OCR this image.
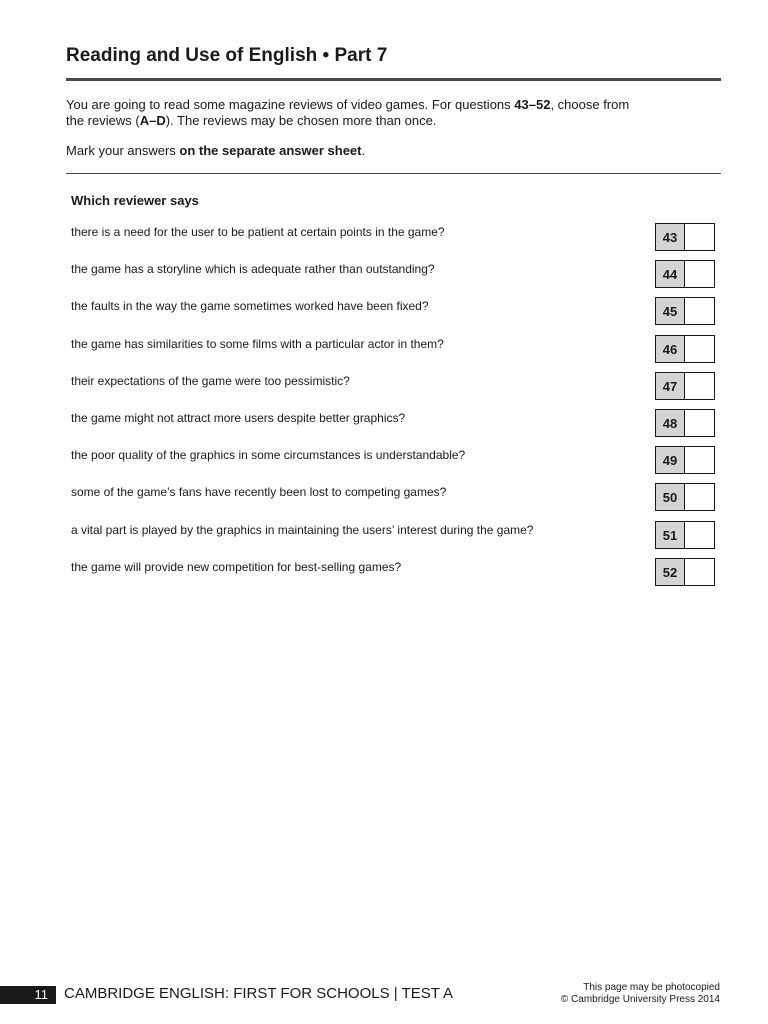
Reading and Use of English • Part 7

You are going to read some magazine reviews of video games. For questions 43–52, choose from
the reviews (A–D). The reviews may be chosen more than once.

Mark your answers on the separate answer sheet.

Which reviewer says
there is a need for the user to be patient at certain points in the game?	43
the game has a storyline which is adequate rather than outstanding?	44
the faults in the way the game sometimes worked have been fixed?	45
the game has similarities to some films with a particular actor in them?	46
their expectations of the game were too pessimistic?	47
the game might not attract more users despite better graphics?	48
the poor quality of the graphics in some circumstances is understandable?	49
some of the game’s fans have recently been lost to competing games?	50
a vital part is played by the graphics in maintaining the users’ interest during the game?	51
the game will provide new competition for best-selling games?	52
11	CAMBRIDGE ENGLISH: FIRST FOR SCHOOLS | TEST A	This page may be photocopied
© Cambridge University Press 2014
